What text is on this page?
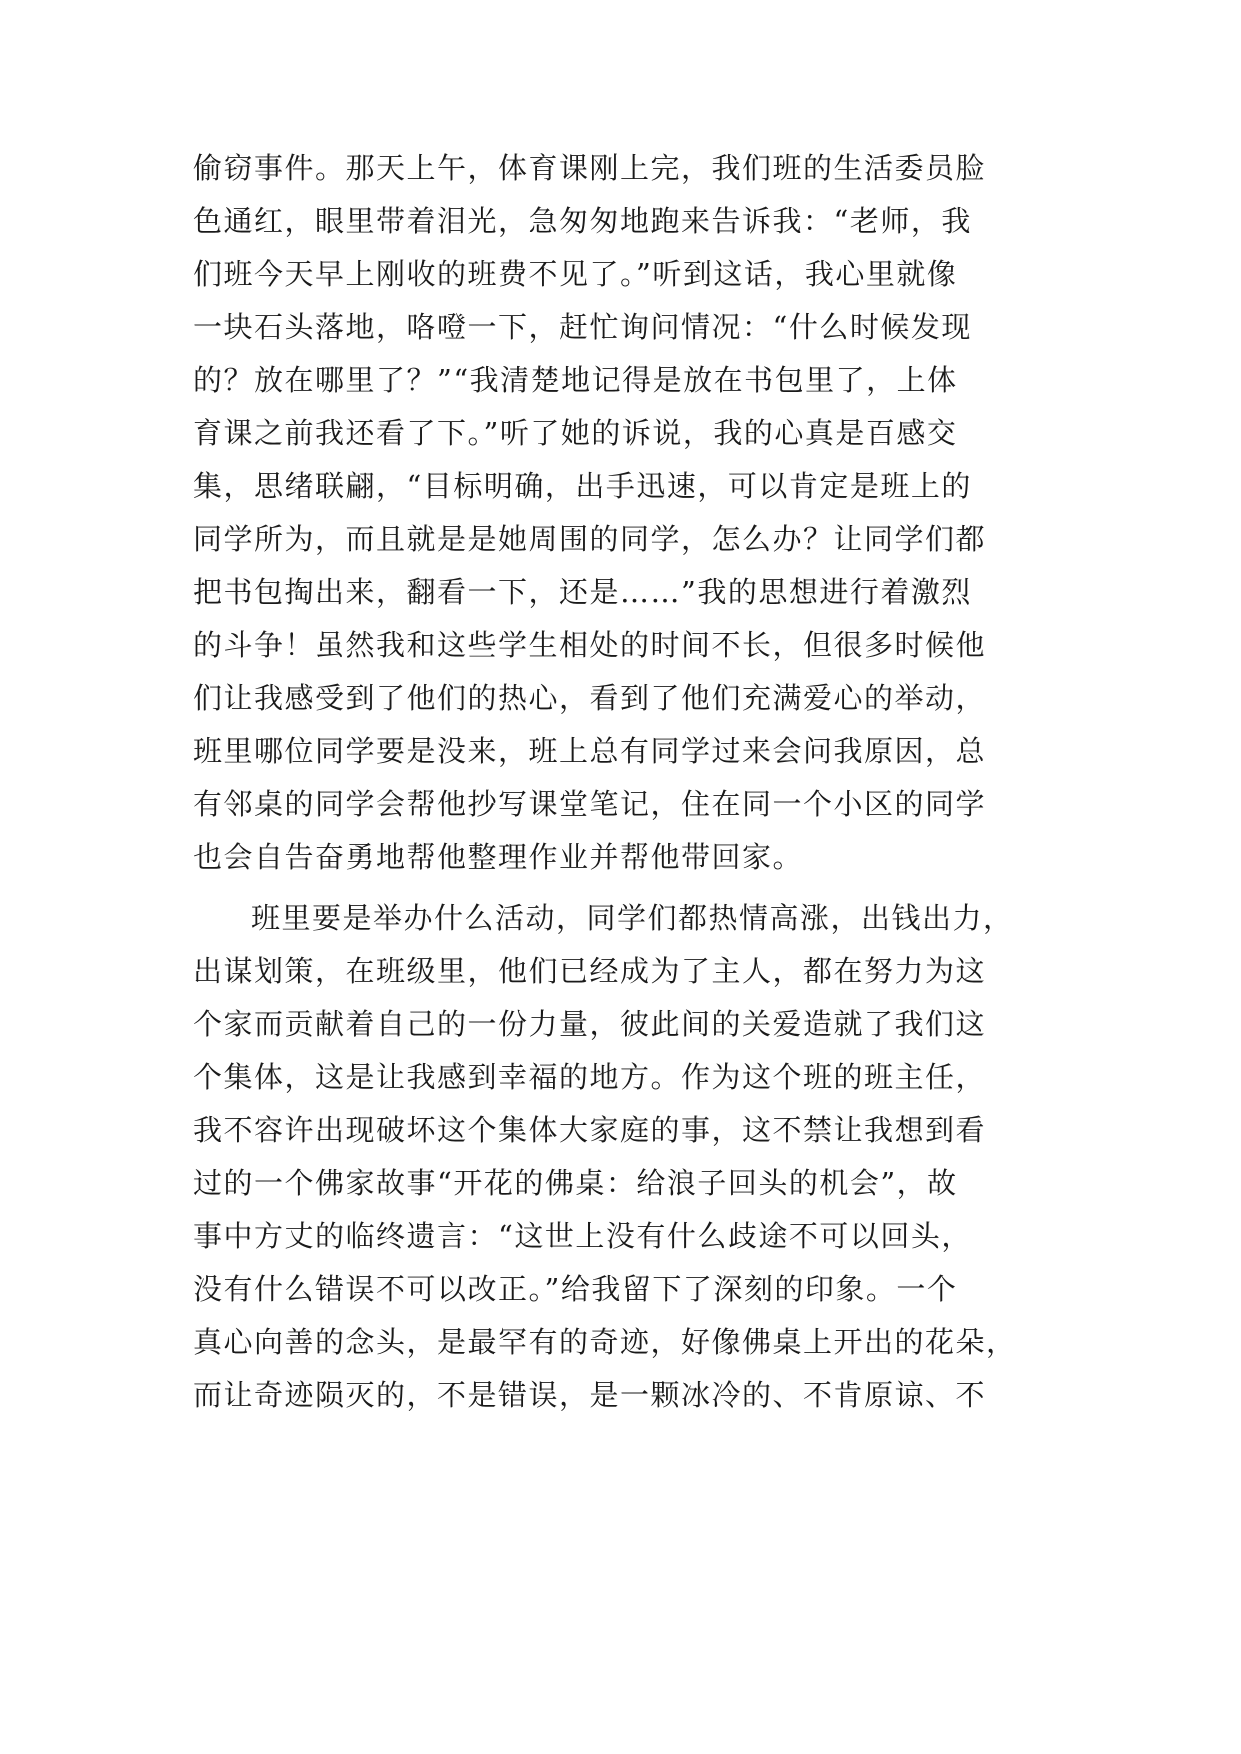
偷窃事件。那天上午，体育课刚上完，我们班的生活委员脸
色通红，眼里带着泪光，急匆匆地跑来告诉我：“老师，我
们班今天早上刚收的班费不见了。”听到这话，我心里就像
一块石头落地，咯噔一下，赶忙询问情况：“什么时候发现
的？放在哪里了？”“我清楚地记得是放在书包里了，上体
育课之前我还看了下。”听了她的诉说，我的心真是百感交
集，思绪联翩，“目标明确，出手迅速，可以肯定是班上的
同学所为，而且就是是她周围的同学，怎么办？让同学们都
把书包掏出来，翻看一下，还是……”我的思想进行着激烈
的斗争！虽然我和这些学生相处的时间不长，但很多时候他
们让我感受到了他们的热心，看到了他们充满爱心的举动，
班里哪位同学要是没来，班上总有同学过来会问我原因，总
有邻桌的同学会帮他抄写课堂笔记，住在同一个小区的同学
也会自告奋勇地帮他整理作业并帮他带回家。
班里要是举办什么活动，同学们都热情高涨，出钱出力，
出谋划策，在班级里，他们已经成为了主人，都在努力为这
个家而贡献着自己的一份力量，彼此间的关爱造就了我们这
个集体，这是让我感到幸福的地方。作为这个班的班主任，
我不容许出现破坏这个集体大家庭的事，这不禁让我想到看
过的一个佛家故事“开花的佛桌：给浪子回头的机会”，故
事中方丈的临终遗言：“这世上没有什么歧途不可以回头，
没有什么错误不可以改正。”给我留下了深刻的印象。一个
真心向善的念头，是最罕有的奇迹，好像佛桌上开出的花朵，
而让奇迹陨灭的，不是错误，是一颗冰冷的、不肯原谅、不
